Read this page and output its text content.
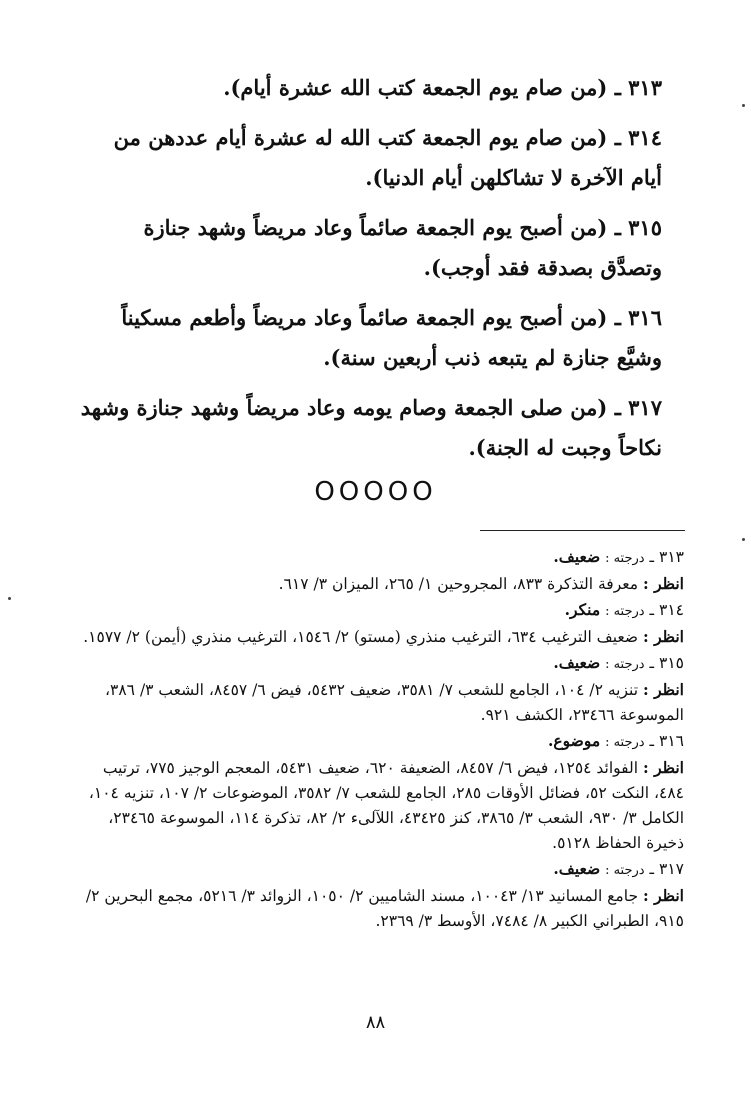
٣١٣ ـ (من صام يوم الجمعة كتب الله عشرة أيام).

٣١٤ ـ (من صام يوم الجمعة كتب الله له عشرة أيام عددهن من أيام الآخرة لا تشاكلهن أيام الدنيا).

٣١٥ ـ (من أصبح يوم الجمعة صائماً وعاد مريضاً وشهد جنازة وتصدَّق بصدقة فقد أوجب).

٣١٦ ـ (من أصبح يوم الجمعة صائماً وعاد مريضاً وأطعم مسكيناً وشيَّع جنازة لم يتبعه ذنب أربعين سنة).

٣١٧ ـ (من صلى الجمعة وصام يومه وعاد مريضاً وشهد جنازة وشهد نكاحاً وجبت له الجنة).

OOOOO

٣١٣ ـ درجته : ضعيف.

انظر : معرفة التذكرة ٨٣٣، المجروحين ١/ ٢٦٥، الميزان ٣/ ٦١٧.

٣١٤ ـ درجته : منكر.

انظر : ضعيف الترغيب ٦٣٤، الترغيب منذري (مستو) ٢/ ١٥٤٦، الترغيب منذري (أيمن) ٢/ ١٥٧٧.

٣١٥ ـ درجته : ضعيف.

انظر : تنزيه ٢/ ١٠٤، الجامع للشعب ٧/ ٣٥٨١، ضعيف ٥٤٣٢، فيض ٦/ ٨٤٥٧، الشعب ٣/ ٣٨٦، الموسوعة ٢٣٤٦٦، الكشف ٩٢١.

٣١٦ ـ درجته : موضوع.

انظر : الفوائد ١٢٥٤، فيض ٦/ ٨٤٥٧، الضعيفة ٦٢٠، ضعيف ٥٤٣١، المعجم الوجيز ٧٧٥، ترتيب ٤٨٤، النكت ٥٢، فضائل الأوقات ٢٨٥، الجامع للشعب ٧/ ٣٥٨٢، الموضوعات ٢/ ١٠٧، تنزيه ١٠٤، الكامل ٣/ ٩٣٠، الشعب ٣/ ٣٨٦٥، كنز ٤٣٤٢٥، اللآلىء ٢/ ٨٢، تذكرة ١١٤، الموسوعة ٢٣٤٦٥، ذخيرة الحفاظ ٥١٢٨.

٣١٧ ـ درجته : ضعيف.

انظر : جامع المسانيد ١٣/ ١٠٠٤٣، مسند الشاميين ٢/ ١٠٥٠، الزوائد ٣/ ٥٢١٦، مجمع البحرين ٢/ ٩١٥، الطبراني الكبير ٨/ ٧٤٨٤، الأوسط ٣/ ٢٣٦٩.

٨٨
